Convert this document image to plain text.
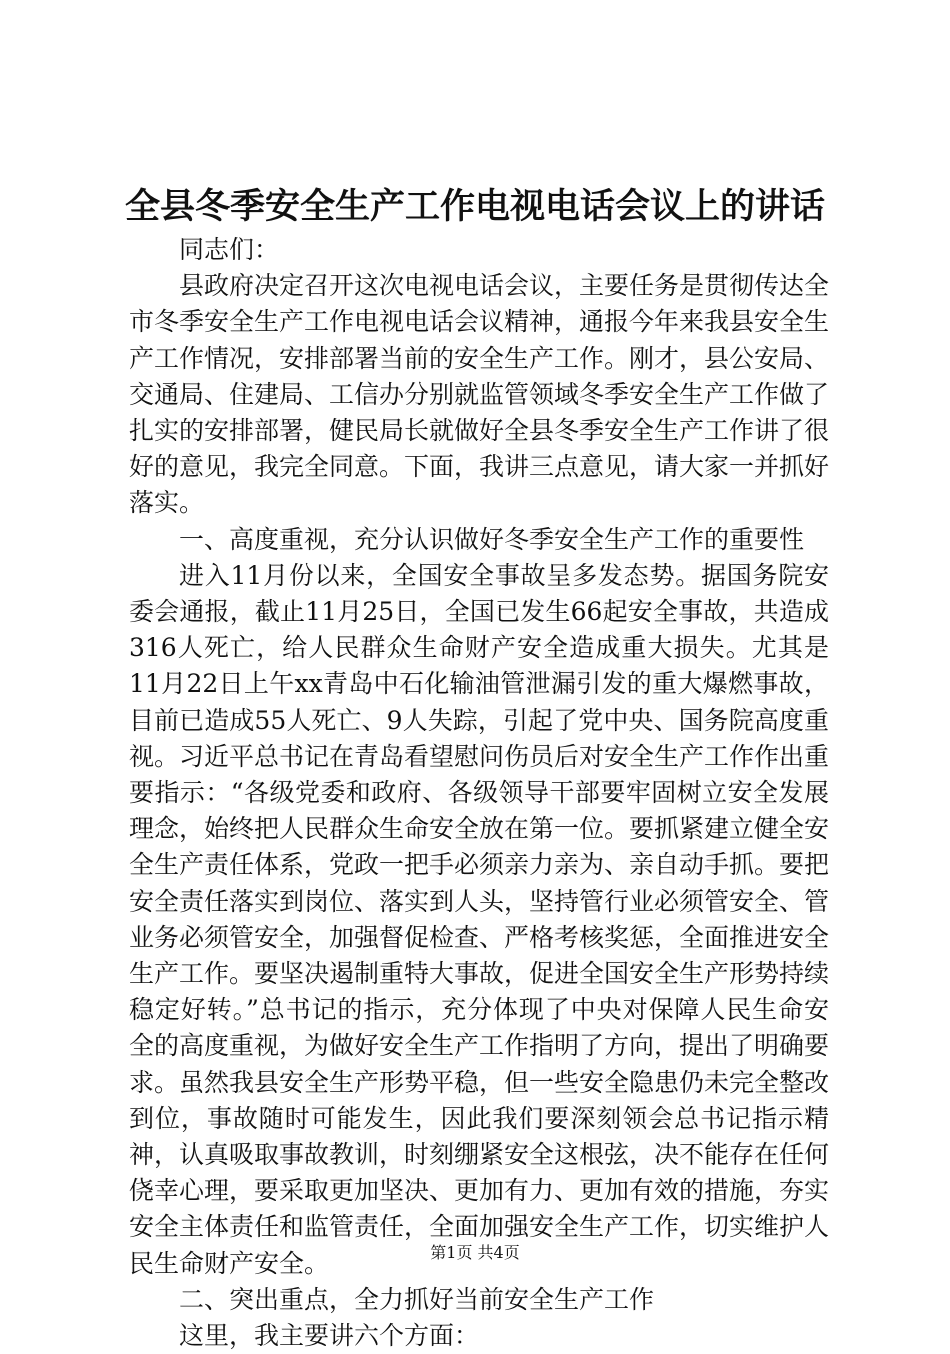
全县冬季安全生产工作电视电话会议上的讲话

同志们：

县政府决定召开这次电视电话会议，主要任务是贯彻传达全市冬季安全生产工作电视电话会议精神，通报今年来我县安全生产工作情况，安排部署当前的安全生产工作。刚才，县公安局、交通局、住建局、工信办分别就监管领域冬季安全生产工作做了扎实的安排部署，健民局长就做好全县冬季安全生产工作讲了很好的意见，我完全同意。下面，我讲三点意见，请大家一并抓好落实。

一、高度重视，充分认识做好冬季安全生产工作的重要性

进入11月份以来，全国安全事故呈多发态势。据国务院安委会通报，截止11月25日，全国已发生66起安全事故，共造成316人死亡，给人民群众生命财产安全造成重大损失。尤其是11月22日上午xx青岛中石化输油管泄漏引发的重大爆燃事故，目前已造成55人死亡、9人失踪，引起了党中央、国务院高度重视。习近平总书记在青岛看望慰问伤员后对安全生产工作作出重要指示：“各级党委和政府、各级领导干部要牢固树立安全发展理念，始终把人民群众生命安全放在第一位。要抓紧建立健全安全生产责任体系，党政一把手必须亲力亲为、亲自动手抓。要把安全责任落实到岗位、落实到人头，坚持管行业必须管安全、管业务必须管安全，加强督促检查、严格考核奖惩，全面推进安全生产工作。要坚决遏制重特大事故，促进全国安全生产形势持续稳定好转。”总书记的指示，充分体现了中央对保障人民生命安全的高度重视，为做好安全生产工作指明了方向，提出了明确要求。虽然我县安全生产形势平稳，但一些安全隐患仍未完全整改到位，事故随时可能发生，因此我们要深刻领会总书记指示精神，认真吸取事故教训，时刻绷紧安全这根弦，决不能存在任何侥幸心理，要采取更加坚决、更加有力、更加有效的措施，夯实安全主体责任和监管责任，全面加强安全生产工作，切实维护人民生命财产安全。

二、突出重点，全力抓好当前安全生产工作

这里，我主要讲六个方面：

第1页 共4页
